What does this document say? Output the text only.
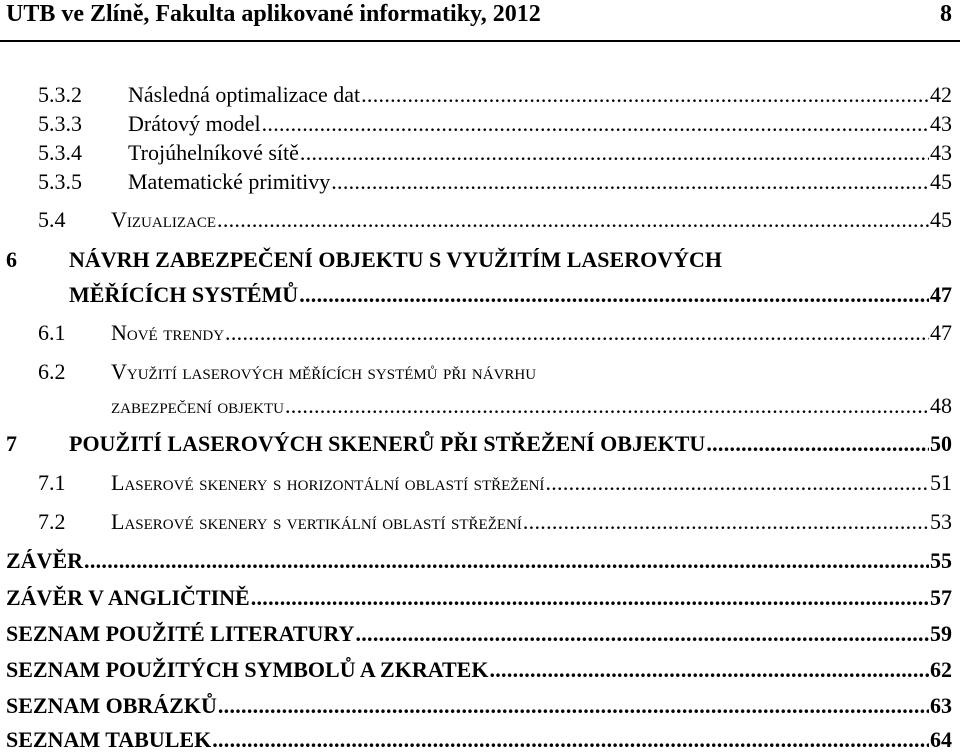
UTB ve Zlíně, Fakulta aplikované informatiky, 2012	8
5.3.2	Následná optimalizace dat . . .	42
5.3.3	Drátový model . . .	43
5.3.4	Trojúhelníkové sítě . . .	43
5.3.5	Matematické primitivy . . .	45
5.4	Vizualizace . . .	45
6 NÁVRH ZABEZPEČENÍ OBJEKTU S VYUŽITÍM LASEROVÝCH
MĚŘÍCÍCH SYSTÉMŮ . . .	47
6.1	Nové trendy . . .	47
6.2 Využití laserových měřících systémů při návrhu
zabezpečení objektu . . .	48
7	POUŽITÍ LASEROVÝCH SKENERŮ PŘI STŘEŽENÍ OBJEKTU . . .	50
7.1	Laserové skenery s horizontální oblastí střežení . . .	51
7.2	Laserové skenery s vertikální oblastí střežení . . .	53
ZÁVĚR . . .	55
ZÁVĚR V ANGLIČTINĚ . . .	57
SEZNAM POUŽITÉ LITERATURY . . .	59
SEZNAM POUŽITÝCH SYMBOLŮ A ZKRATEK . . .	62
SEZNAM OBRÁZKŮ . . .	63
SEZNAM TABULEK . . .	64
